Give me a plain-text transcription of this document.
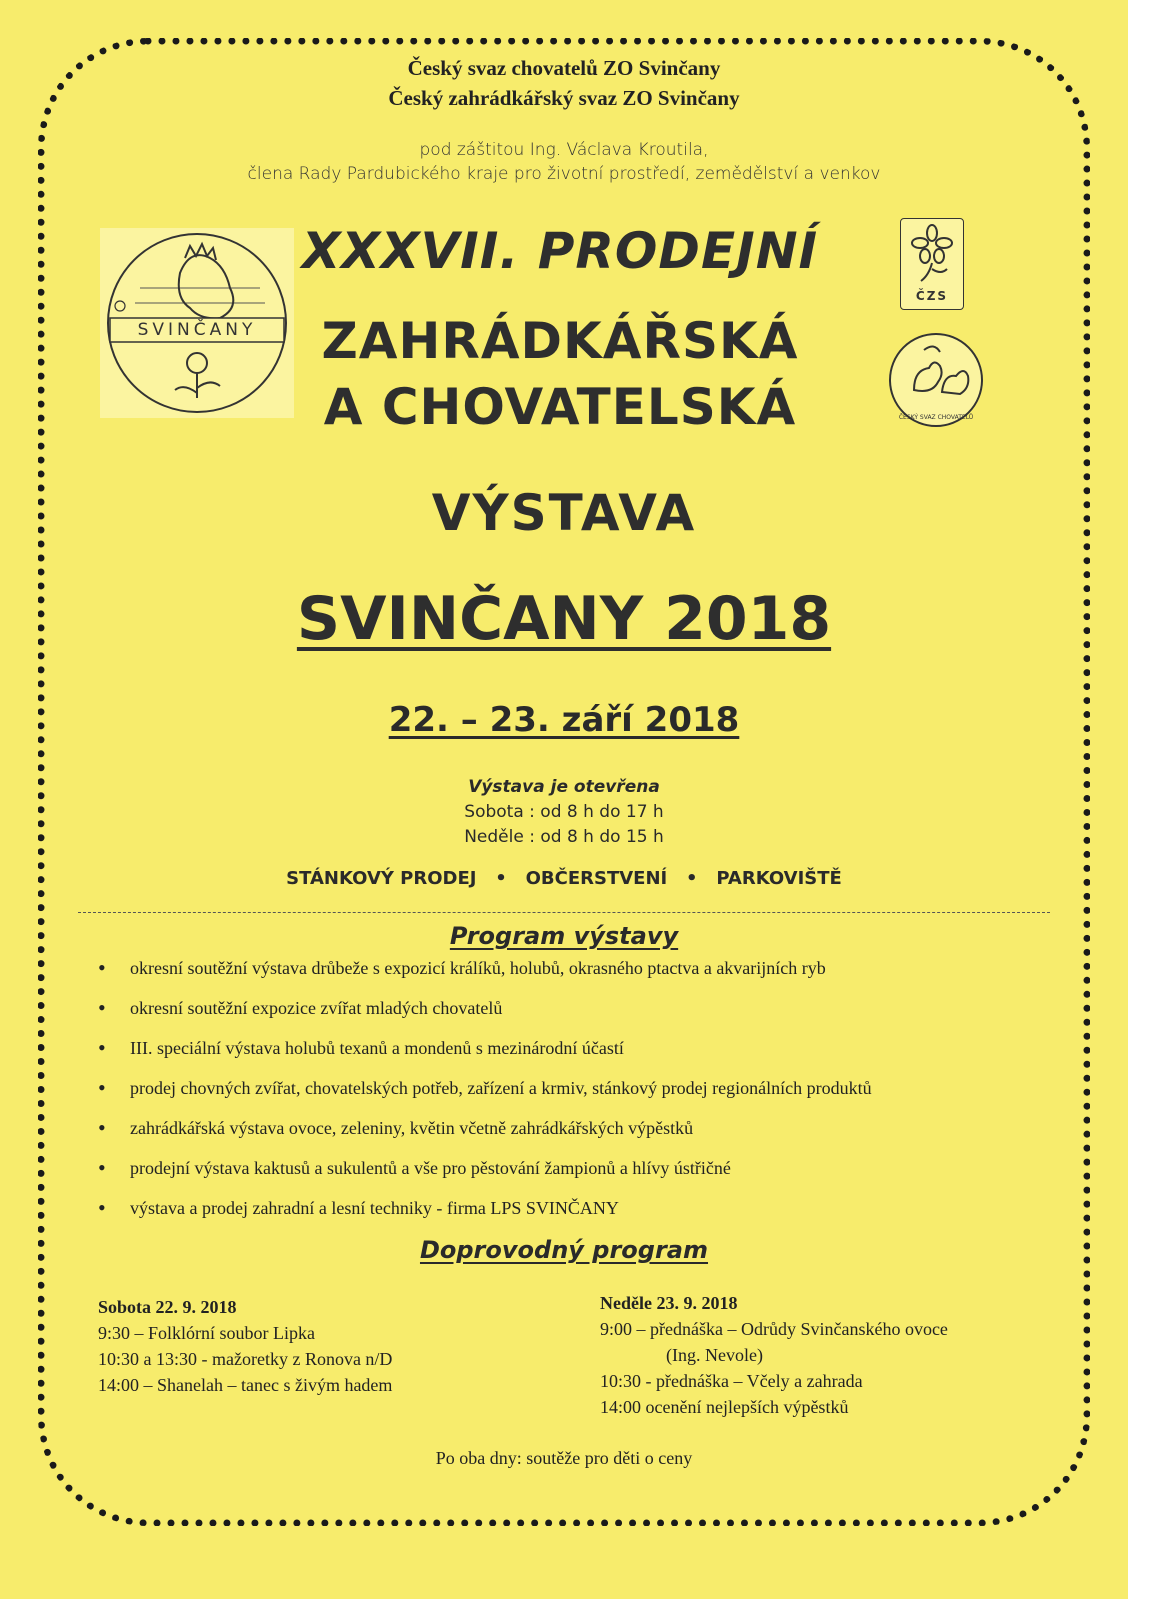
Český svaz chovatelů ZO Svinčany
Český zahrádkářský svaz ZO Svinčany
pod záštitou Ing. Václava Kroutila,
člena Rady Pardubického kraje pro životní prostředí, zemědělství a venkov
SVINČANY
ČZS
ČESKÝ SVAZ CHOVATELŮ
XXXVII. PRODEJNÍ
ZAHRÁDKÁŘSKÁ
A CHOVATELSKÁ
VÝSTAVA
SVINČANY 2018
22. – 23. září 2018
Výstava je otevřena
Sobota : od 8 h do 17 h
Neděle : od 8 h do 15 h
STÁNKOVÝ PRODEJ   •   OBČERSTVENÍ   •   PARKOVIŠTĚ
Program výstavy
• okresní soutěžní výstava drůbeže s expozicí králíků, holubů, okrasného ptactva a akvarijních ryb
• okresní soutěžní expozice zvířat mladých chovatelů
• III. speciální výstava holubů texanů a mondenů s mezinárodní účastí
• prodej chovných zvířat, chovatelských potřeb, zařízení a krmiv, stánkový prodej regionálních produktů
• zahrádkářská výstava ovoce, zeleniny, květin včetně zahrádkářských výpěstků
• prodejní výstava kaktusů a sukulentů a vše pro pěstování žampionů a hlívy ústřičné
• výstava a prodej zahradní a lesní techniky - firma LPS SVINČANY
Doprovodný program
Sobota 22. 9. 2018
9:30 – Folklórní soubor Lipka
10:30 a 13:30 - mažoretky z Ronova n/D
14:00 – Shanelah – tanec s živým hadem
Neděle 23. 9. 2018
9:00 – přednáška – Odrůdy Svinčanského ovoce
(Ing. Nevole)
10:30 - přednáška – Včely a zahrada
14:00 ocenění nejlepších výpěstků
Po oba dny: soutěže pro děti o ceny
